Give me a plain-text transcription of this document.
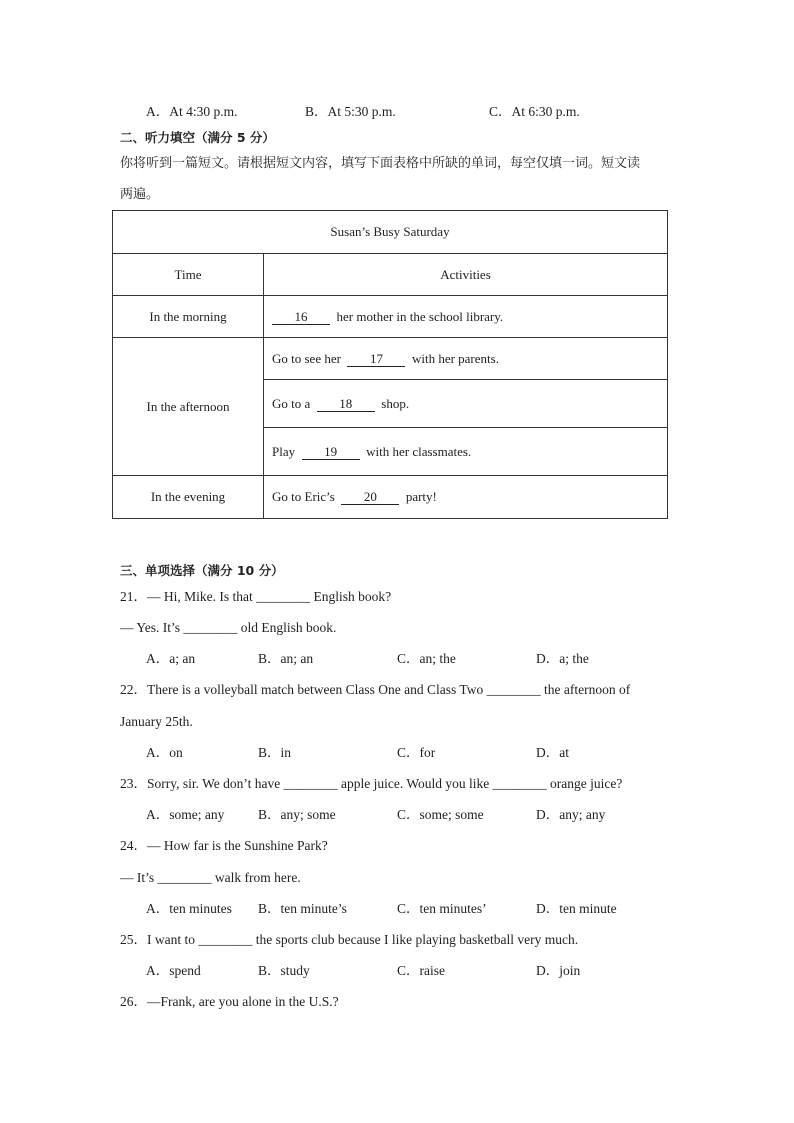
A．At 4:30 p.m.	B．At 5:30 p.m.	C．At 6:30 p.m.
二、听力填空（满分 5 分）
你将听到一篇短文。请根据短文内容，填写下面表格中所缺的单词，每空仅填一词。短文读
两遍。
Susan’s Busy Saturday	
Time	Activities
In the morning	16 her mother in the school library.
In the afternoon	Go to see her 17 with her parents.
	Go to a 18 shop.
	Play 19 with her classmates.
In the evening	Go to Eric’s 20 party!
三、单项选择（满分 10 分）
21．— Hi, Mike. Is that ________ English book?
— Yes. It’s ________ old English book.
A．a; an	B．an; an	C．an; the	D．a; the
22．There is a volleyball match between Class One and Class Two ________ the afternoon of
January 25th.
A．on	B．in	C．for	D．at
23．Sorry, sir. We don’t have ________ apple juice. Would you like ________ orange juice?
A．some; any B．any; some	C．some; some	D．any; any
24．— How far is the Sunshine Park?
— It’s ________ walk from here.
A．ten minutes B．ten minute’s	C．ten minutes’	D．ten minute
25．I want to ________ the sports club because I like playing basketball very much.
A．spend	B．study	C．raise	D．join
26．—Frank, are you alone in the U.S.?
